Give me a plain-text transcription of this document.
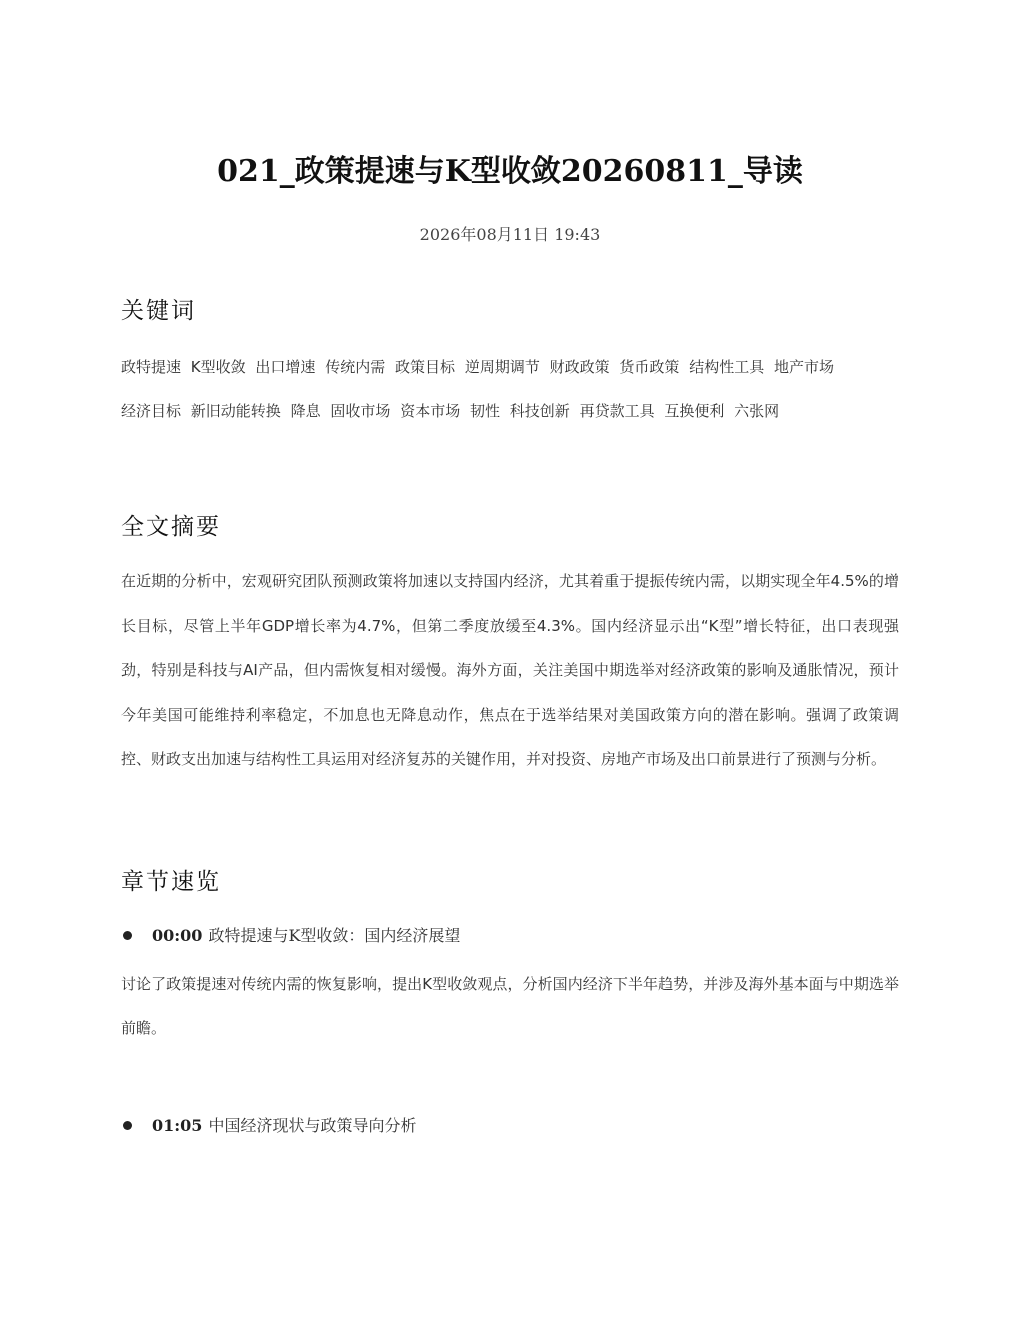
021_政策提速与K型收敛20260811_导读
2026年08月11日 19:43
关键词
政特提速 K型收敛 出口增速 传统内需 政策目标 逆周期调节 财政政策 货币政策 结构性工具 地产市场 经济目标 新旧动能转换 降息 固收市场 资本市场 韧性 科技创新 再贷款工具 互换便利 六张网
全文摘要

在近期的分析中，宏观研究团队预测政策将加速以支持国内经济，尤其着重于提振传统内需，以期实现全年4.5%的增长目标，尽管上半年GDP增长率为4.7%，但第二季度放缓至4.3%。国内经济显示出“K型”增长特征，出口表现强劲，特别是科技与AI产品，但内需恢复相对缓慢。海外方面，关注美国中期选举对经济政策的影响及通胀情况，预计今年美国可能维持利率稳定，不加息也无降息动作，焦点在于选举结果对美国政策方向的潜在影响。强调了政策调控、财政支出加速与结构性工具运用对经济复苏的关键作用，并对投资、房地产市场及出口前景进行了预测与分析。

章节速览
00:00 政特提速与K型收敛：国内经济展望

讨论了政策提速对传统内需的恢复影响，提出K型收敛观点，分析国内经济下半年趋势，并涉及海外基本面与中期选举前瞻。

01:05 中国经济现状与政策导向分析
